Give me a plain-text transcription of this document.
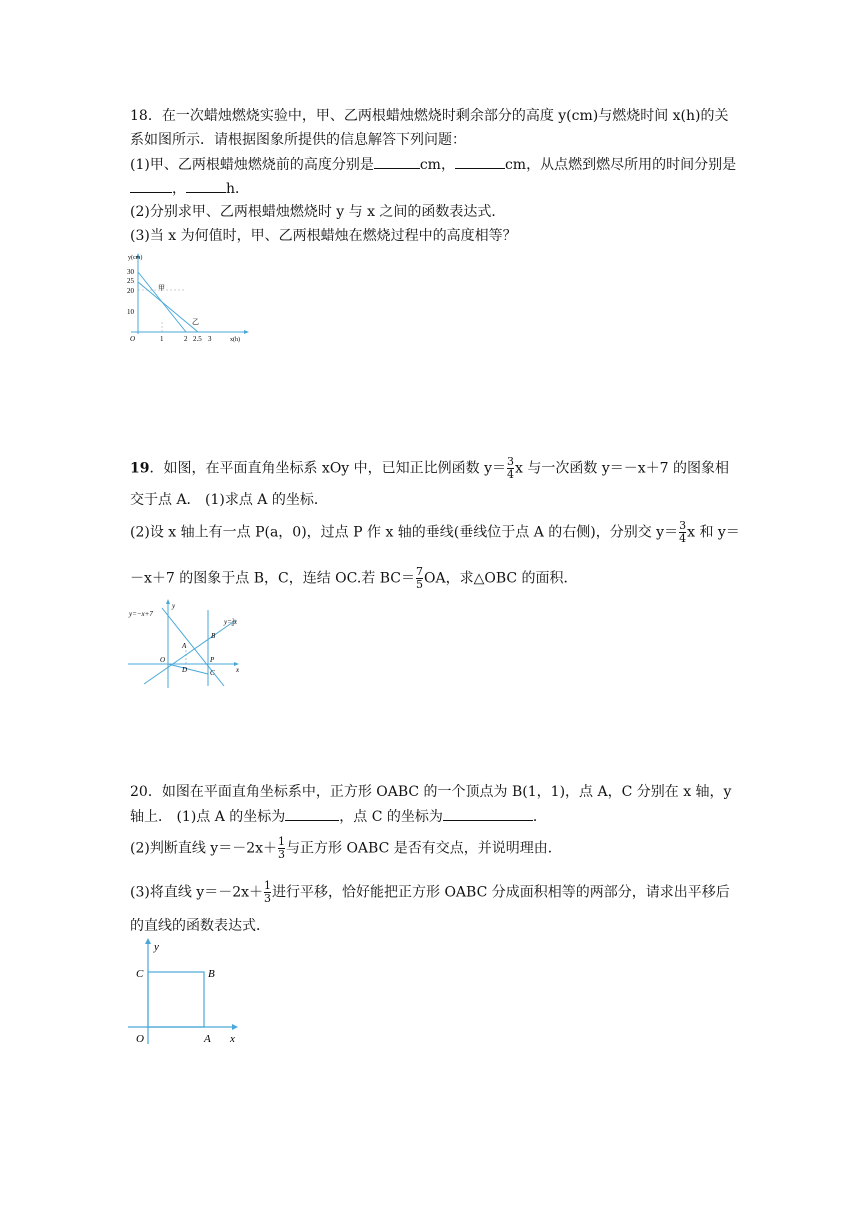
18．在一次蜡烛燃烧实验中，甲、乙两根蜡烛燃烧时剩余部分的高度 y(cm)与燃烧时间 x(h)的关
系如图所示．请根据图象所提供的信息解答下列问题：
(1)甲、乙两根蜡烛燃烧前的高度分别是	cm，	cm，从点燃到燃尽所用的时间分别是
，	h．
(2)分别求甲、乙两根蜡烛燃烧时 y 与 x 之间的函数表达式．
(3)当 x 为何值时，甲、乙两根蜡烛在燃烧过程中的高度相等？
y(cm)
30
25
20
10
O	1	2 2.5 3	x(h)
甲
乙
19．如图，在平面直角坐标系 xOy 中，已知正比例函数 $y= \frac{3}{4}$ x 与一次函数 y＝－x＋7 的图象相
交于点 A． (1)求点 A 的坐标．
(2)设 x 轴上有一点 P(a，0)，过点 P 作 x 轴的垂线(垂线位于点 A 的右侧)，分别交 $y= \frac{3}{4}$ x 和 y＝
－x＋7 的图象于点 B，C，连结 OC.若 $BC= \frac{7}{5}$ OA，求△OBC 的面积．
y=−x+7
y=$^3$ 4x
y
x
O
A
B
P
C
D
20．如图在平面直角坐标系中，正方形 OABC 的一个顶点为 B(1，1)，点 A，C 分别在 x 轴，y
轴上． (1)点 A 的坐标为	，点 C 的坐标为	．
(2)判断直线 $y=-2x+ \frac{1}{3}$ 与正方形 OABC 是否有交点，并说明理由．
(3)将直线 $y=-2x+ \frac{1}{3}$ 进行平移，恰好能把正方形 OABC 分成面积相等的两部分，请求出平移后
的直线的函数表达式．
y
x
O	A
B
C
